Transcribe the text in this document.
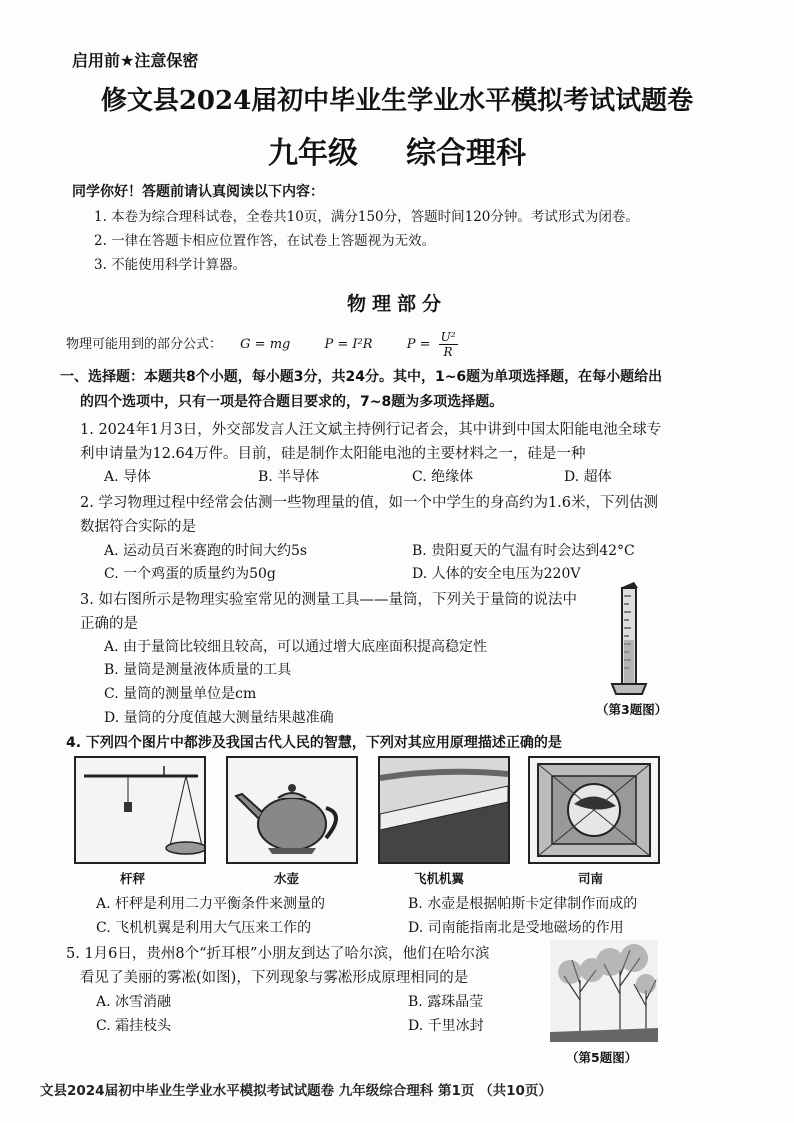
启用前★注意保密
修文县2024届初中毕业生学业水平模拟考试试题卷
九年级 综合理科
同学你好！答题前请认真阅读以下内容：
1. 本卷为综合理科试卷，全卷共10页，满分150分，答题时间120分钟。考试形式为闭卷。
2. 一律在答题卡相应位置作答，在试卷上答题视为无效。
3. 不能使用科学计算器。
物理部分
物理可能用到的部分公式： G = mg	P = I²R	$P = \frac{\text{U²}}{R}$
一、选择题：本题共8个小题，每小题3分，共24分。其中，1~6题为单项选择题，在每小题给出
的四个选项中，只有一项是符合题目要求的，7~8题为多项选择题。
1. 2024年1月3日，外交部发言人汪文斌主持例行记者会，其中讲到中国太阳能电池全球专
利申请量为12.64万件。目前，硅是制作太阳能电池的主要材料之一，硅是一种
A. 导体	B. 半导体	C. 绝缘体	D. 超体
2. 学习物理过程中经常会估测一些物理量的值，如一个中学生的身高约为1.6米，下列估测
数据符合实际的是
A. 运动员百米赛跑的时间大约5s	B. 贵阳夏天的气温有时会达到42°C
C. 一个鸡蛋的质量约为50g	D. 人体的安全电压为220V
3. 如右图所示是物理实验室常见的测量工具——量筒，下列关于量筒的说法中
正确的是
A. 由于量筒比较细且较高，可以通过增大底座面积提高稳定性
B. 量筒是测量液体质量的工具
C. 量筒的测量单位是cm
D. 量筒的分度值越大测量结果越准确
（第3题图）
4. 下列四个图片中都涉及我国古代人民的智慧，下列对其应用原理描述正确的是
杆秤	水壶	飞机机翼	司南
A. 杆秤是利用二力平衡条件来测量的	B. 水壶是根据帕斯卡定律制作而成的
C. 飞机机翼是利用大气压来工作的	D. 司南能指南北是受地磁场的作用
5. 1月6日，贵州8个“折耳根”小朋友到达了哈尔滨，他们在哈尔滨
看见了美丽的雾凇(如图)，下列现象与雾凇形成原理相同的是
A. 冰雪消融	B. 露珠晶莹
C. 霜挂枝头	D. 千里冰封
（第5题图）
文县2024届初中毕业生学业水平模拟考试试题卷 九年级综合理科 第1页 （共10页）
